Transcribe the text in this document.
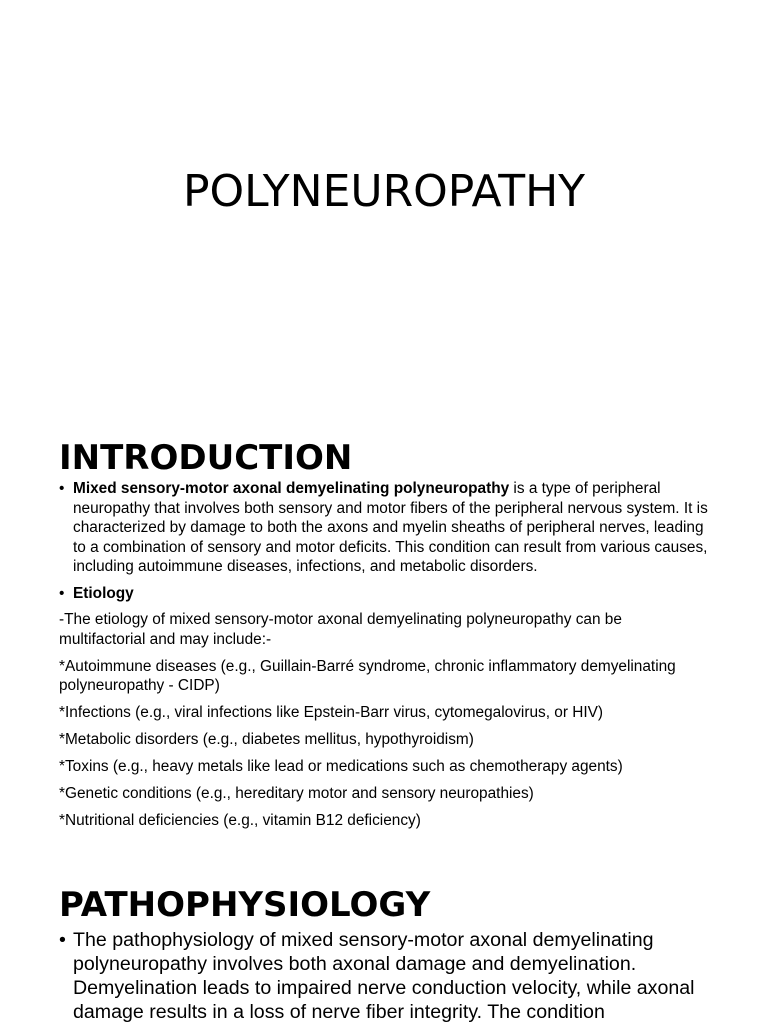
POLYNEUROPATHY
INTRODUCTION

• Mixed sensory-motor axonal demyelinating polyneuropathy is a type of peripheral neuropathy that involves both sensory and motor fibers of the peripheral nervous system. It is characterized by damage to both the axons and myelin sheaths of peripheral nerves, leading to a combination of sensory and motor deficits. This condition can result from various causes, including autoimmune diseases, infections, and metabolic disorders.

• Etiology

-The etiology of mixed sensory-motor axonal demyelinating polyneuropathy can be multifactorial and may include:-

*Autoimmune diseases (e.g., Guillain-Barré syndrome, chronic inflammatory demyelinating polyneuropathy - CIDP)

*Infections (e.g., viral infections like Epstein-Barr virus, cytomegalovirus, or HIV)

*Metabolic disorders (e.g., diabetes mellitus, hypothyroidism)

*Toxins (e.g., heavy metals like lead or medications such as chemotherapy agents)

*Genetic conditions (e.g., hereditary motor and sensory neuropathies)

*Nutritional deficiencies (e.g., vitamin B12 deficiency)

PATHOPHYSIOLOGY

• The pathophysiology of mixed sensory-motor axonal demyelinating polyneuropathy involves both axonal damage and demyelination. Demyelination leads to impaired nerve conduction velocity, while axonal damage results in a loss of nerve fiber integrity. The condition
